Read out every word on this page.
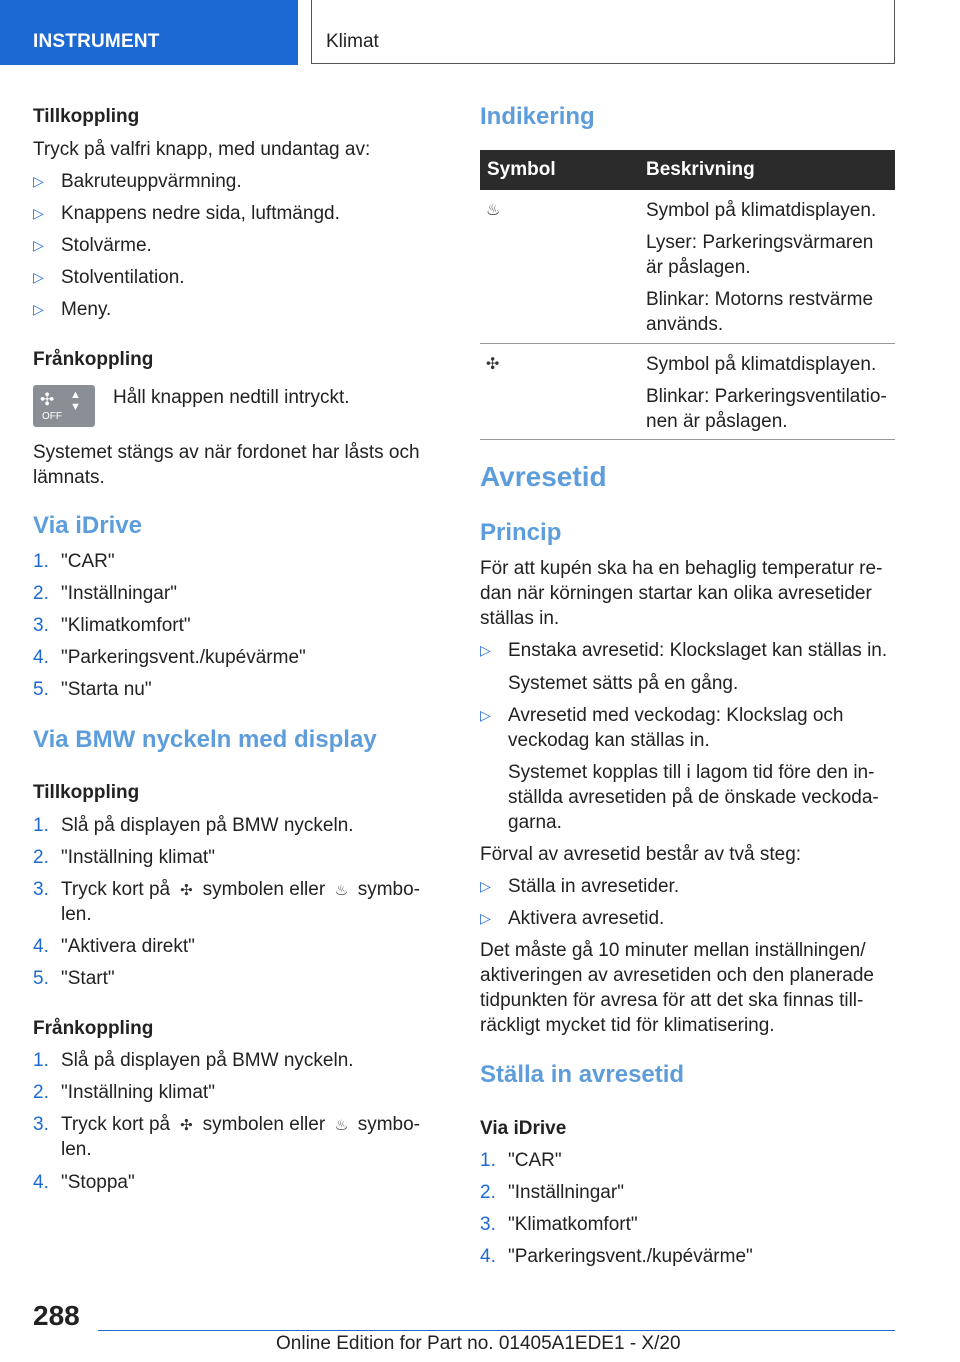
INSTRUMENT	Klimat
Tillkoppling
Tryck på valfri knapp, med undantag av:
▷ Bakruteuppvärmning.
▷ Knappens nedre sida, luftmängd.
▷ Stolvärme.
▷ Stolventilation.
▷ Meny.
Frånkoppling
✣ ▲
▼
OFF
Håll knappen nedtill intryckt.
Systemet stängs av när fordonet har låsts och
lämnats.
Via iDrive
1. "CAR"
2. "Inställningar"
3. "Klimatkomfort"
4. "Parkeringsvent./kupévärme"
5. "Starta nu"
Via BMW nyckeln med display
Tillkoppling
1. Slå på displayen på BMW nyckeln.
2. "Inställning klimat"
3. Tryck kort på ✣ symbolen eller ♨ symbo-
len.
4. "Aktivera direkt"
5. "Start"
Frånkoppling
1. Slå på displayen på BMW nyckeln.
2. "Inställning klimat"
3. Tryck kort på ✣ symbolen eller ♨ symbo-
len.
4. "Stoppa"
Indikering
Symbol	Beskrivning
♨	Symbol på klimatdisplayen.
Lyser: Parkeringsvärmaren
är påslagen.
Blinkar: Motorns restvärme
används.
✣	Symbol på klimatdisplayen.
Blinkar: Parkeringsventilatio-
nen är påslagen.
Avresetid
Princip
För att kupén ska ha en behaglig temperatur re-
dan när körningen startar kan olika avresetider
ställas in.
▷ Enstaka avresetid: Klockslaget kan ställas in.
Systemet sätts på en gång.
▷ Avresetid med veckodag: Klockslag och
veckodag kan ställas in.
Systemet kopplas till i lagom tid före den in-
ställda avresetiden på de önskade veckoda-
garna.
Förval av avresetid består av två steg:
▷ Ställa in avresetider.
▷ Aktivera avresetid.
Det måste gå 10 minuter mellan inställningen/
aktiveringen av avresetiden och den planerade
tidpunkten för avresa för att det ska finnas till-
räckligt mycket tid för klimatisering.
Ställa in avresetid
Via iDrive
1. "CAR"
2. "Inställningar"
3. "Klimatkomfort"
4. "Parkeringsvent./kupévärme"
288
Online Edition for Part no. 01405A1EDE1 - X/20
